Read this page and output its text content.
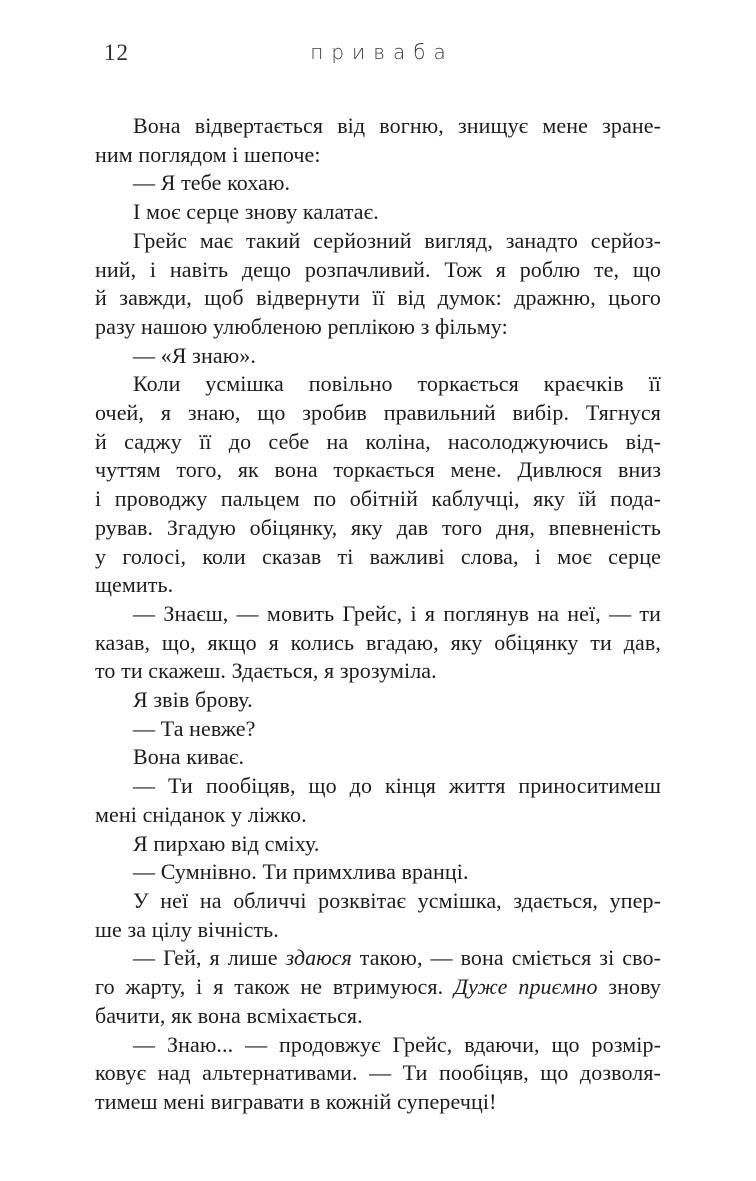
12	приваба
Вона відвертається від вогню, знищує мене зране-
ним поглядом і шепоче:
— Я тебе кохаю.
І моє серце знову калатає.
Грейс має такий серйозний вигляд, занадто серйоз-
ний, і навіть дещо розпачливий. Тож я роблю те, що
й завжди, щоб відвернути її від думок: дражню, цього
разу нашою улюбленою реплікою з фільму:
— «Я знаю».
Коли усмішка повільно торкається краєчків її
очей, я знаю, що зробив правильний вибір. Тягнуся
й саджу її до себе на коліна, насолоджуючись від-
чуттям того, як вона торкається мене. Дивлюся вниз
і проводжу пальцем по обітній каблучці, яку їй пода-
рував. Згадую обіцянку, яку дав того дня, впевненість
у голосі, коли сказав ті важливі слова, і моє серце
щемить.
— Знаєш, — мовить Грейс, і я поглянув на неї, — ти
казав, що, якщо я колись вгадаю, яку обіцянку ти дав,
то ти скажеш. Здається, я зрозуміла.
Я звів брову.
— Та невже?
Вона киває.
— Ти пообіцяв, що до кінця життя приноситимеш
мені сніданок у ліжко.
Я пирхаю від сміху.
— Сумнівно. Ти примхлива вранці.
У неї на обличчі розквітає усмішка, здається, упер-
ше за цілу вічність.
— Гей, я лише здаюся такою, — вона сміється зі сво-
го жарту, і я також не втримуюся. Дуже приємно знову
бачити, як вона всміхається.
— Знаю... — продовжує Грейс, вдаючи, що розмір-
ковує над альтернативами. — Ти пообіцяв, що дозволя-
тимеш мені вигравати в кожній суперечці!
